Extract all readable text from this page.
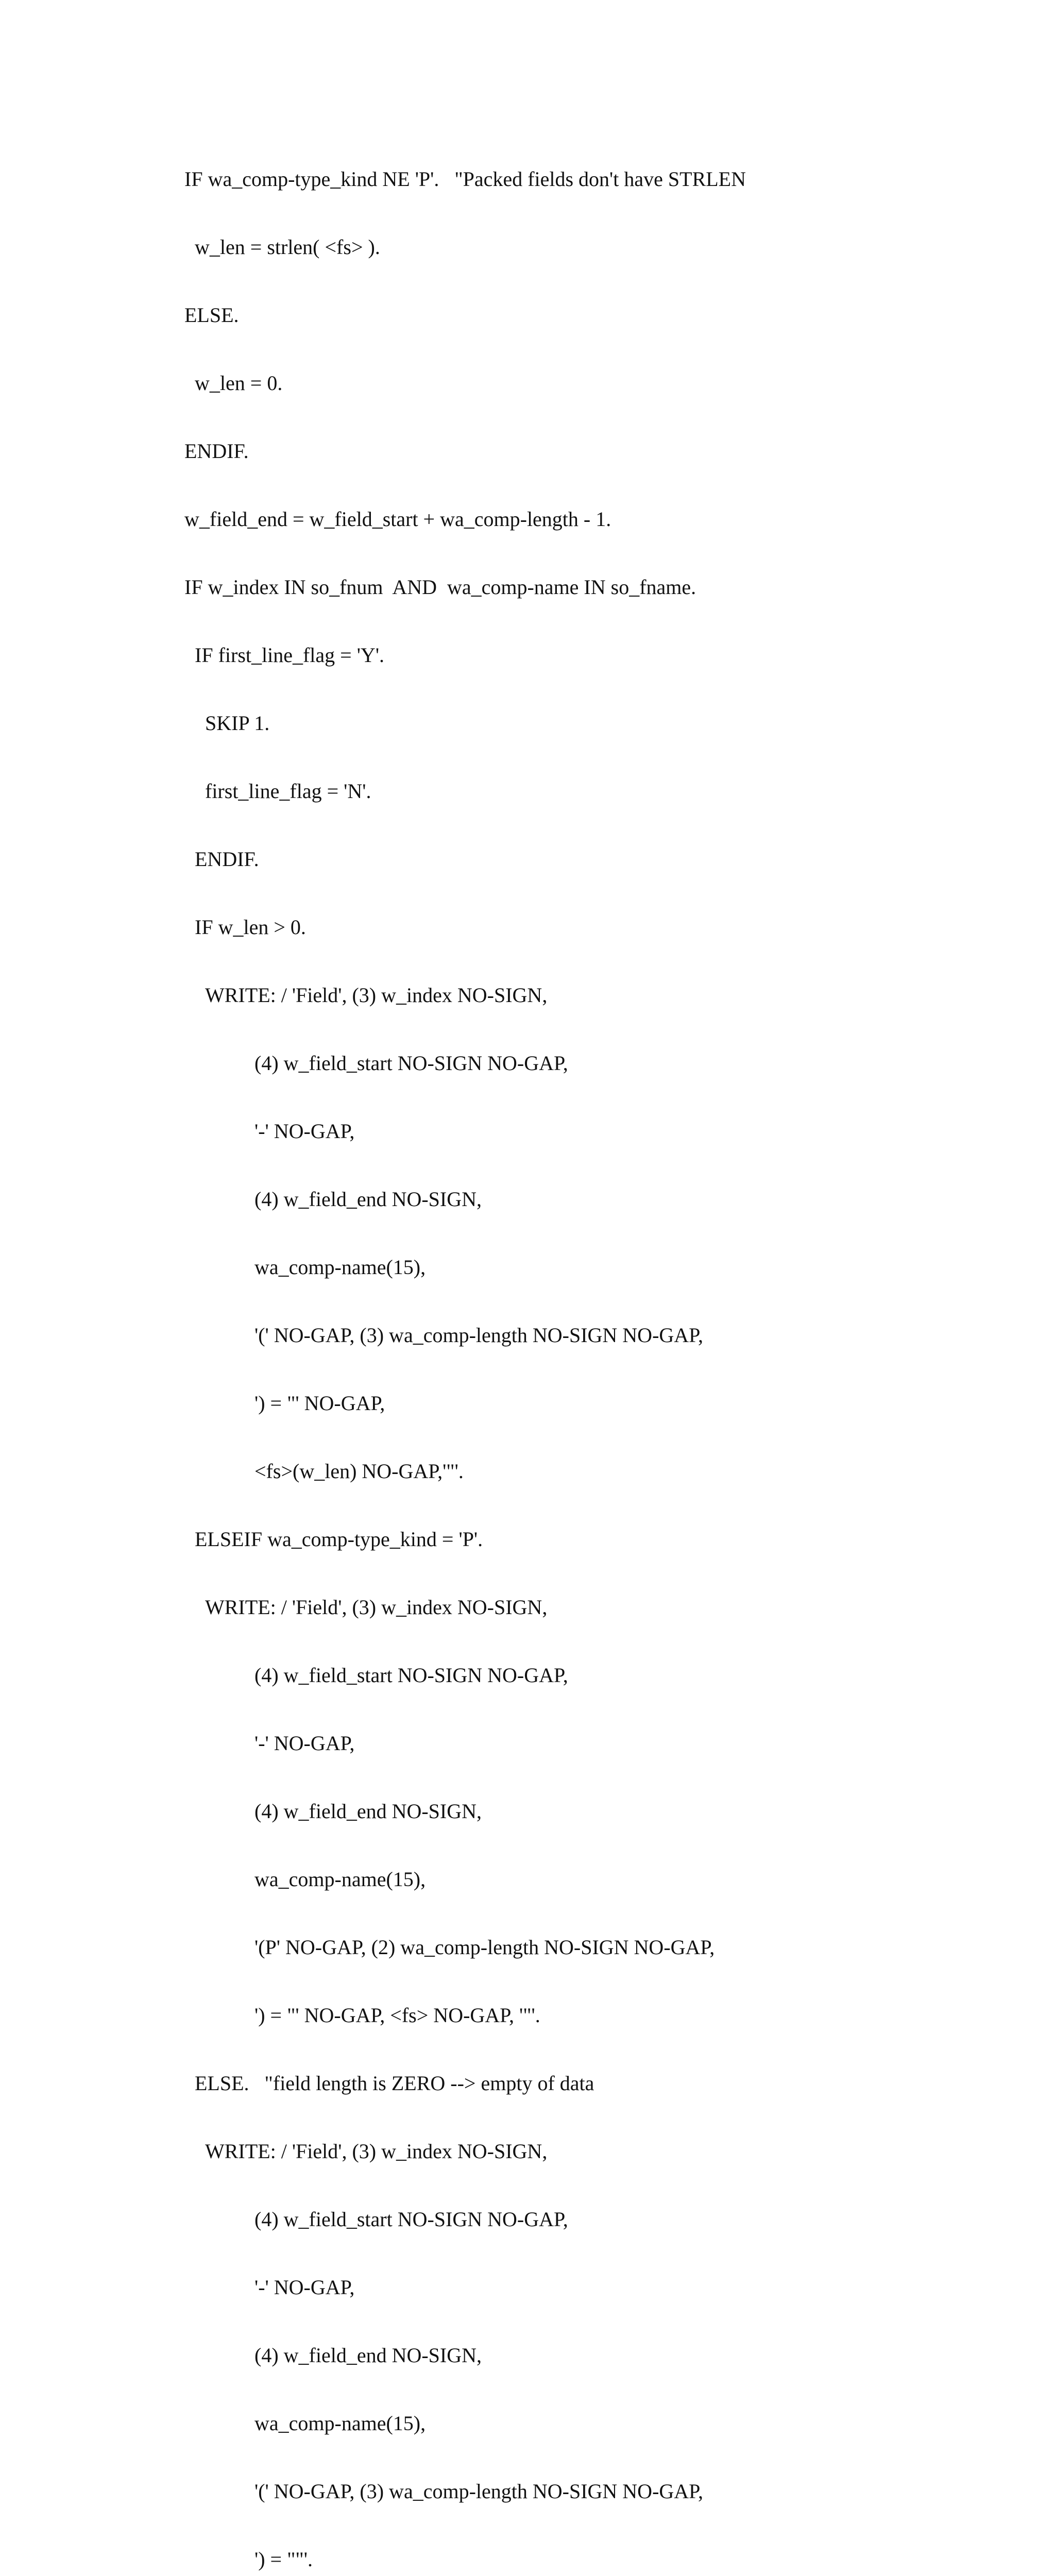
IF wa_comp-type_kind NE 'P'.   "Packed fields don't have STRLEN

w_len = strlen( <fs> ).

ELSE.

w_len = 0.

ENDIF.

w_field_end = w_field_start + wa_comp-length - 1.

IF w_index IN so_fnum  AND  wa_comp-name IN so_fname.

IF first_line_flag = 'Y'.

SKIP 1.

first_line_flag = 'N'.

ENDIF.

IF w_len > 0.

WRITE: / 'Field', (3) w_index NO-SIGN,

(4) w_field_start NO-SIGN NO-GAP,

'-' NO-GAP,

(4) w_field_end NO-SIGN,

wa_comp-name(15),

'(' NO-GAP, (3) wa_comp-length NO-SIGN NO-GAP,

') = "' NO-GAP,

<fs>(w_len) NO-GAP,'"'.

ELSEIF wa_comp-type_kind = 'P'.

WRITE: / 'Field', (3) w_index NO-SIGN,

(4) w_field_start NO-SIGN NO-GAP,

'-' NO-GAP,

(4) w_field_end NO-SIGN,

wa_comp-name(15),

'(P' NO-GAP, (2) wa_comp-length NO-SIGN NO-GAP,

') = "' NO-GAP, <fs> NO-GAP, '"'.

ELSE.   "field length is ZERO --> empty of data

WRITE: / 'Field', (3) w_index NO-SIGN,

(4) w_field_start NO-SIGN NO-GAP,

'-' NO-GAP,

(4) w_field_end NO-SIGN,

wa_comp-name(15),

'(' NO-GAP, (3) wa_comp-length NO-SIGN NO-GAP,

') = ""'.
